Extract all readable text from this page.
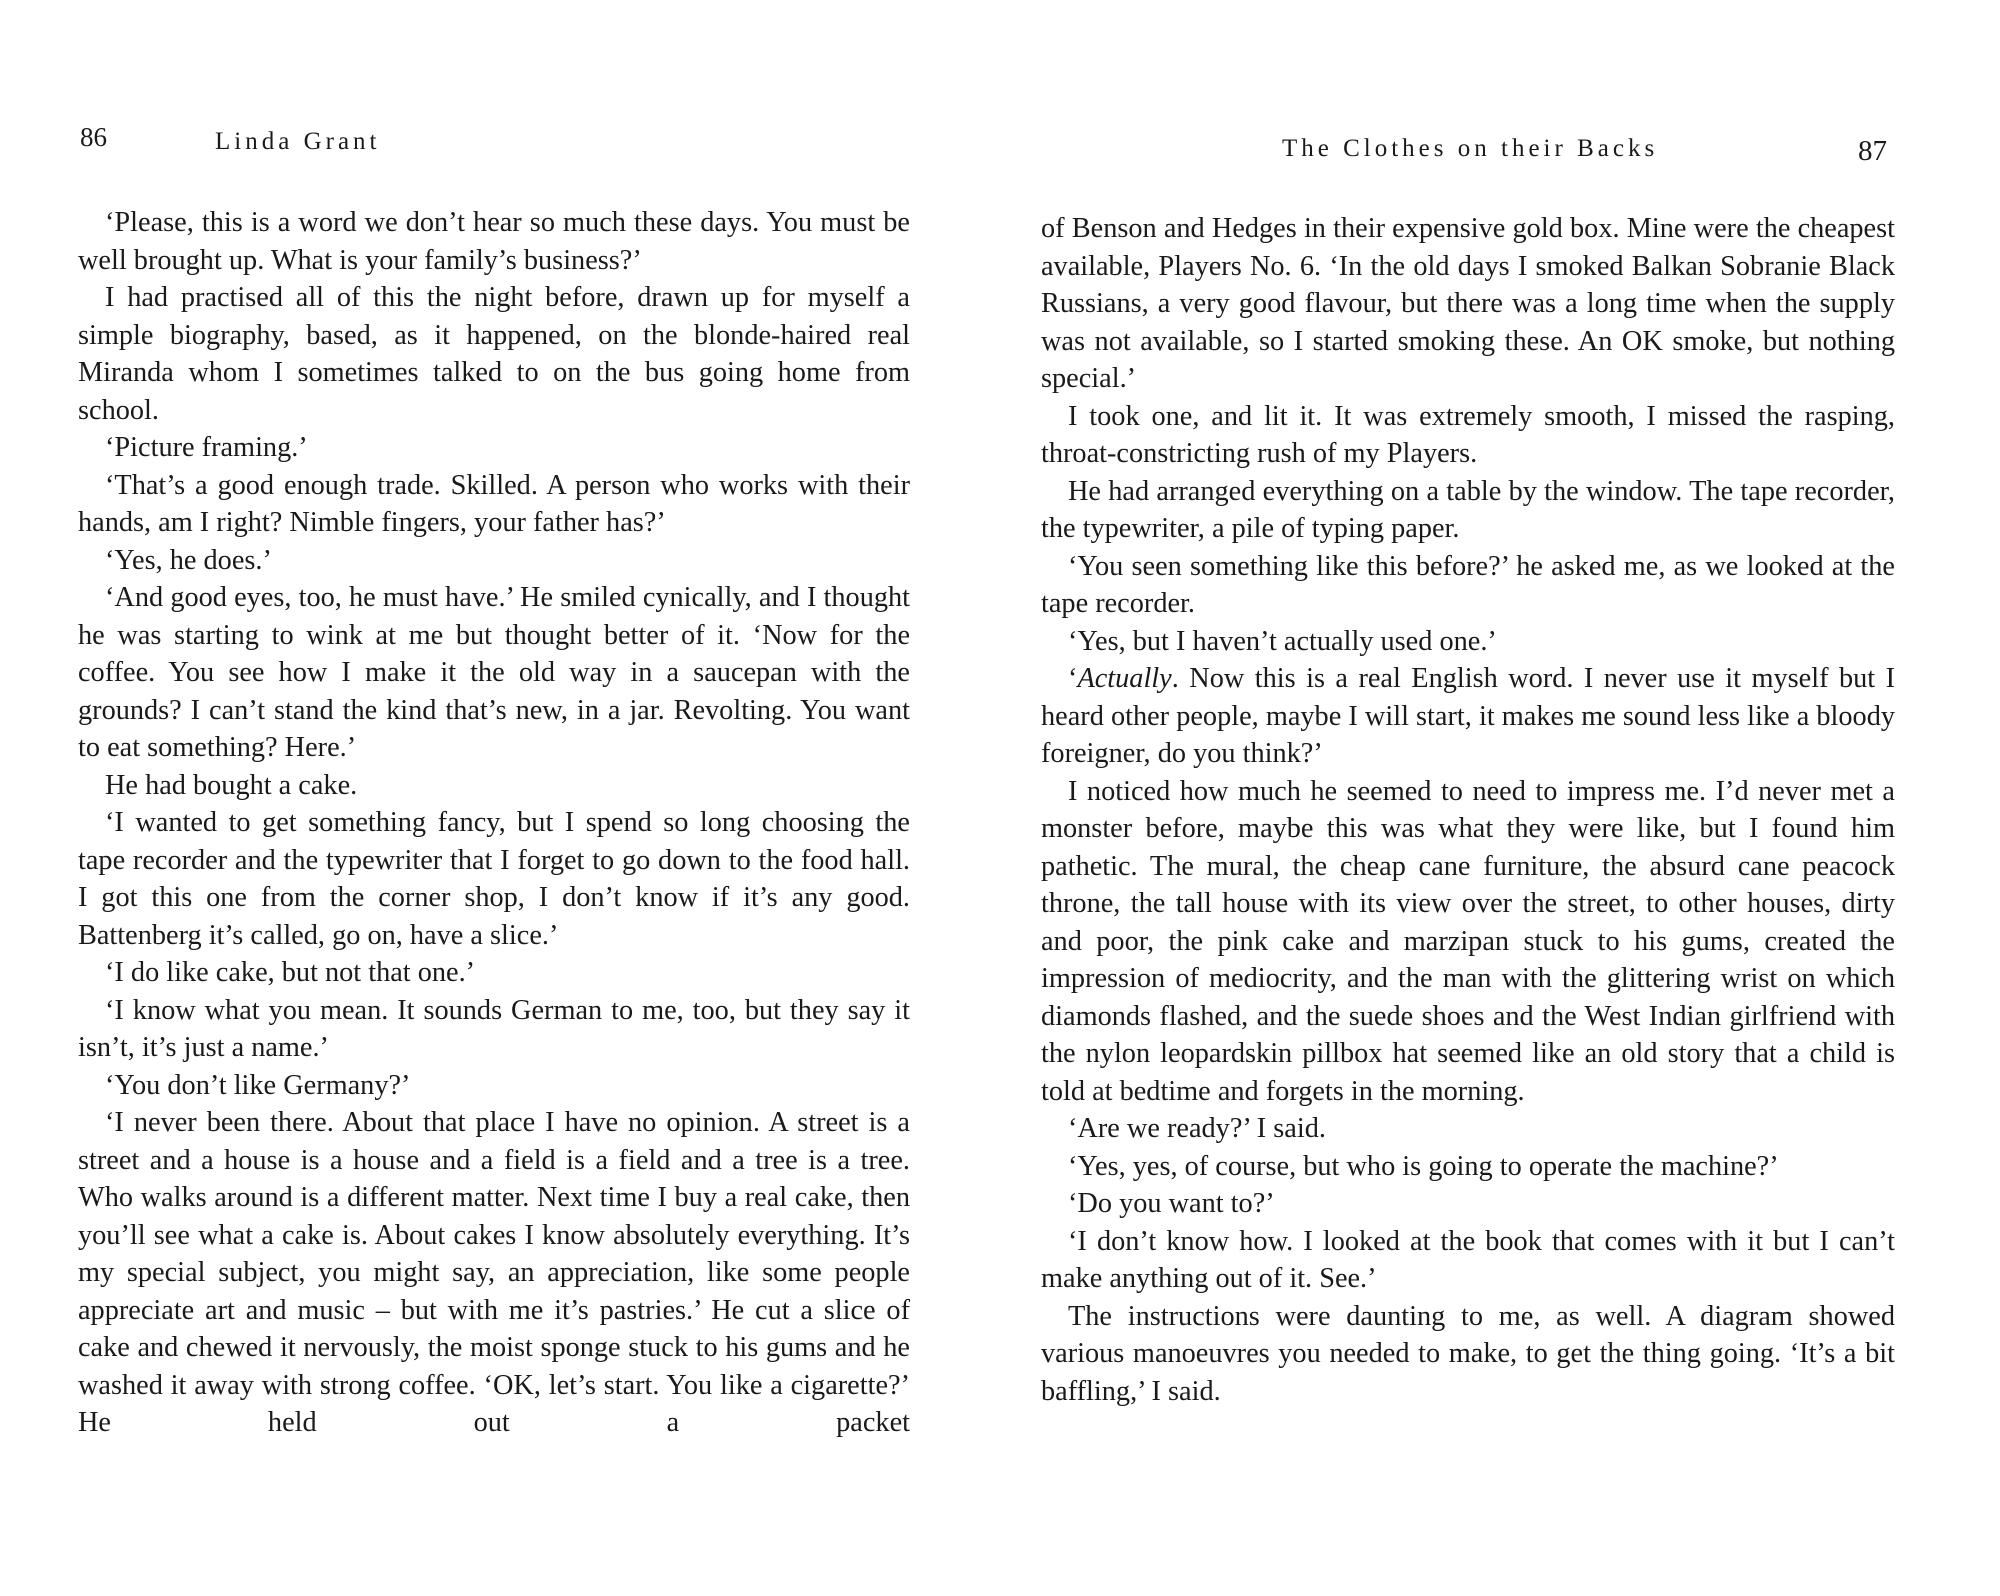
86	Linda Grant

‘Please, this is a word we don’t hear so much these days. You must be well brought up. What is your family’s business?’

I had practised all of this the night before, drawn up for myself a simple biography, based, as it happened, on the blonde-haired real Miranda whom I sometimes talked to on the bus going home from school.

‘Picture framing.’

‘That’s a good enough trade. Skilled. A person who works with their hands, am I right? Nimble fingers, your father has?’

‘Yes, he does.’

‘And good eyes, too, he must have.’ He smiled cynically, and I thought he was starting to wink at me but thought better of it. ‘Now for the coffee. You see how I make it the old way in a saucepan with the grounds? I can’t stand the kind that’s new, in a jar. Revolting. You want to eat something? Here.’

He had bought a cake.

‘I wanted to get something fancy, but I spend so long choosing the tape recorder and the typewriter that I forget to go down to the food hall. I got this one from the corner shop, I don’t know if it’s any good. Battenberg it’s called, go on, have a slice.’

‘I do like cake, but not that one.’

‘I know what you mean. It sounds German to me, too, but they say it isn’t, it’s just a name.’

‘You don’t like Germany?’

‘I never been there. About that place I have no opinion. A street is a street and a house is a house and a field is a field and a tree is a tree. Who walks around is a different matter. Next time I buy a real cake, then you’ll see what a cake is. About cakes I know absolutely everything. It’s my special subject, you might say, an appreciation, like some people appreciate art and music – but with me it’s pastries.’ He cut a slice of cake and chewed it nervously, the moist sponge stuck to his gums and he washed it away with strong coffee. ‘OK, let’s start. You like a cigarette?’ He held out a packet

The Clothes on their Backs	87

of Benson and Hedges in their expensive gold box. Mine were the cheapest available, Players No. 6. ‘In the old days I smoked Balkan Sobranie Black Russians, a very good flavour, but there was a long time when the supply was not available, so I started smoking these. An OK smoke, but nothing special.’

I took one, and lit it. It was extremely smooth, I missed the rasping, throat-constricting rush of my Players.

He had arranged everything on a table by the window. The tape recorder, the typewriter, a pile of typing paper.

‘You seen something like this before?’ he asked me, as we looked at the tape recorder.

‘Yes, but I haven’t actually used one.’

‘Actually. Now this is a real English word. I never use it myself but I heard other people, maybe I will start, it makes me sound less like a bloody foreigner, do you think?’

I noticed how much he seemed to need to impress me. I’d never met a monster before, maybe this was what they were like, but I found him pathetic. The mural, the cheap cane furniture, the absurd cane peacock throne, the tall house with its view over the street, to other houses, dirty and poor, the pink cake and marzipan stuck to his gums, created the impression of mediocrity, and the man with the glittering wrist on which diamonds flashed, and the suede shoes and the West Indian girlfriend with the nylon leopardskin pillbox hat seemed like an old story that a child is told at bedtime and forgets in the morning.

‘Are we ready?’ I said.

‘Yes, yes, of course, but who is going to operate the machine?’

‘Do you want to?’

‘I don’t know how. I looked at the book that comes with it but I can’t make anything out of it. See.’

The instructions were daunting to me, as well. A diagram showed various manoeuvres you needed to make, to get the thing going. ‘It’s a bit baffling,’ I said.
